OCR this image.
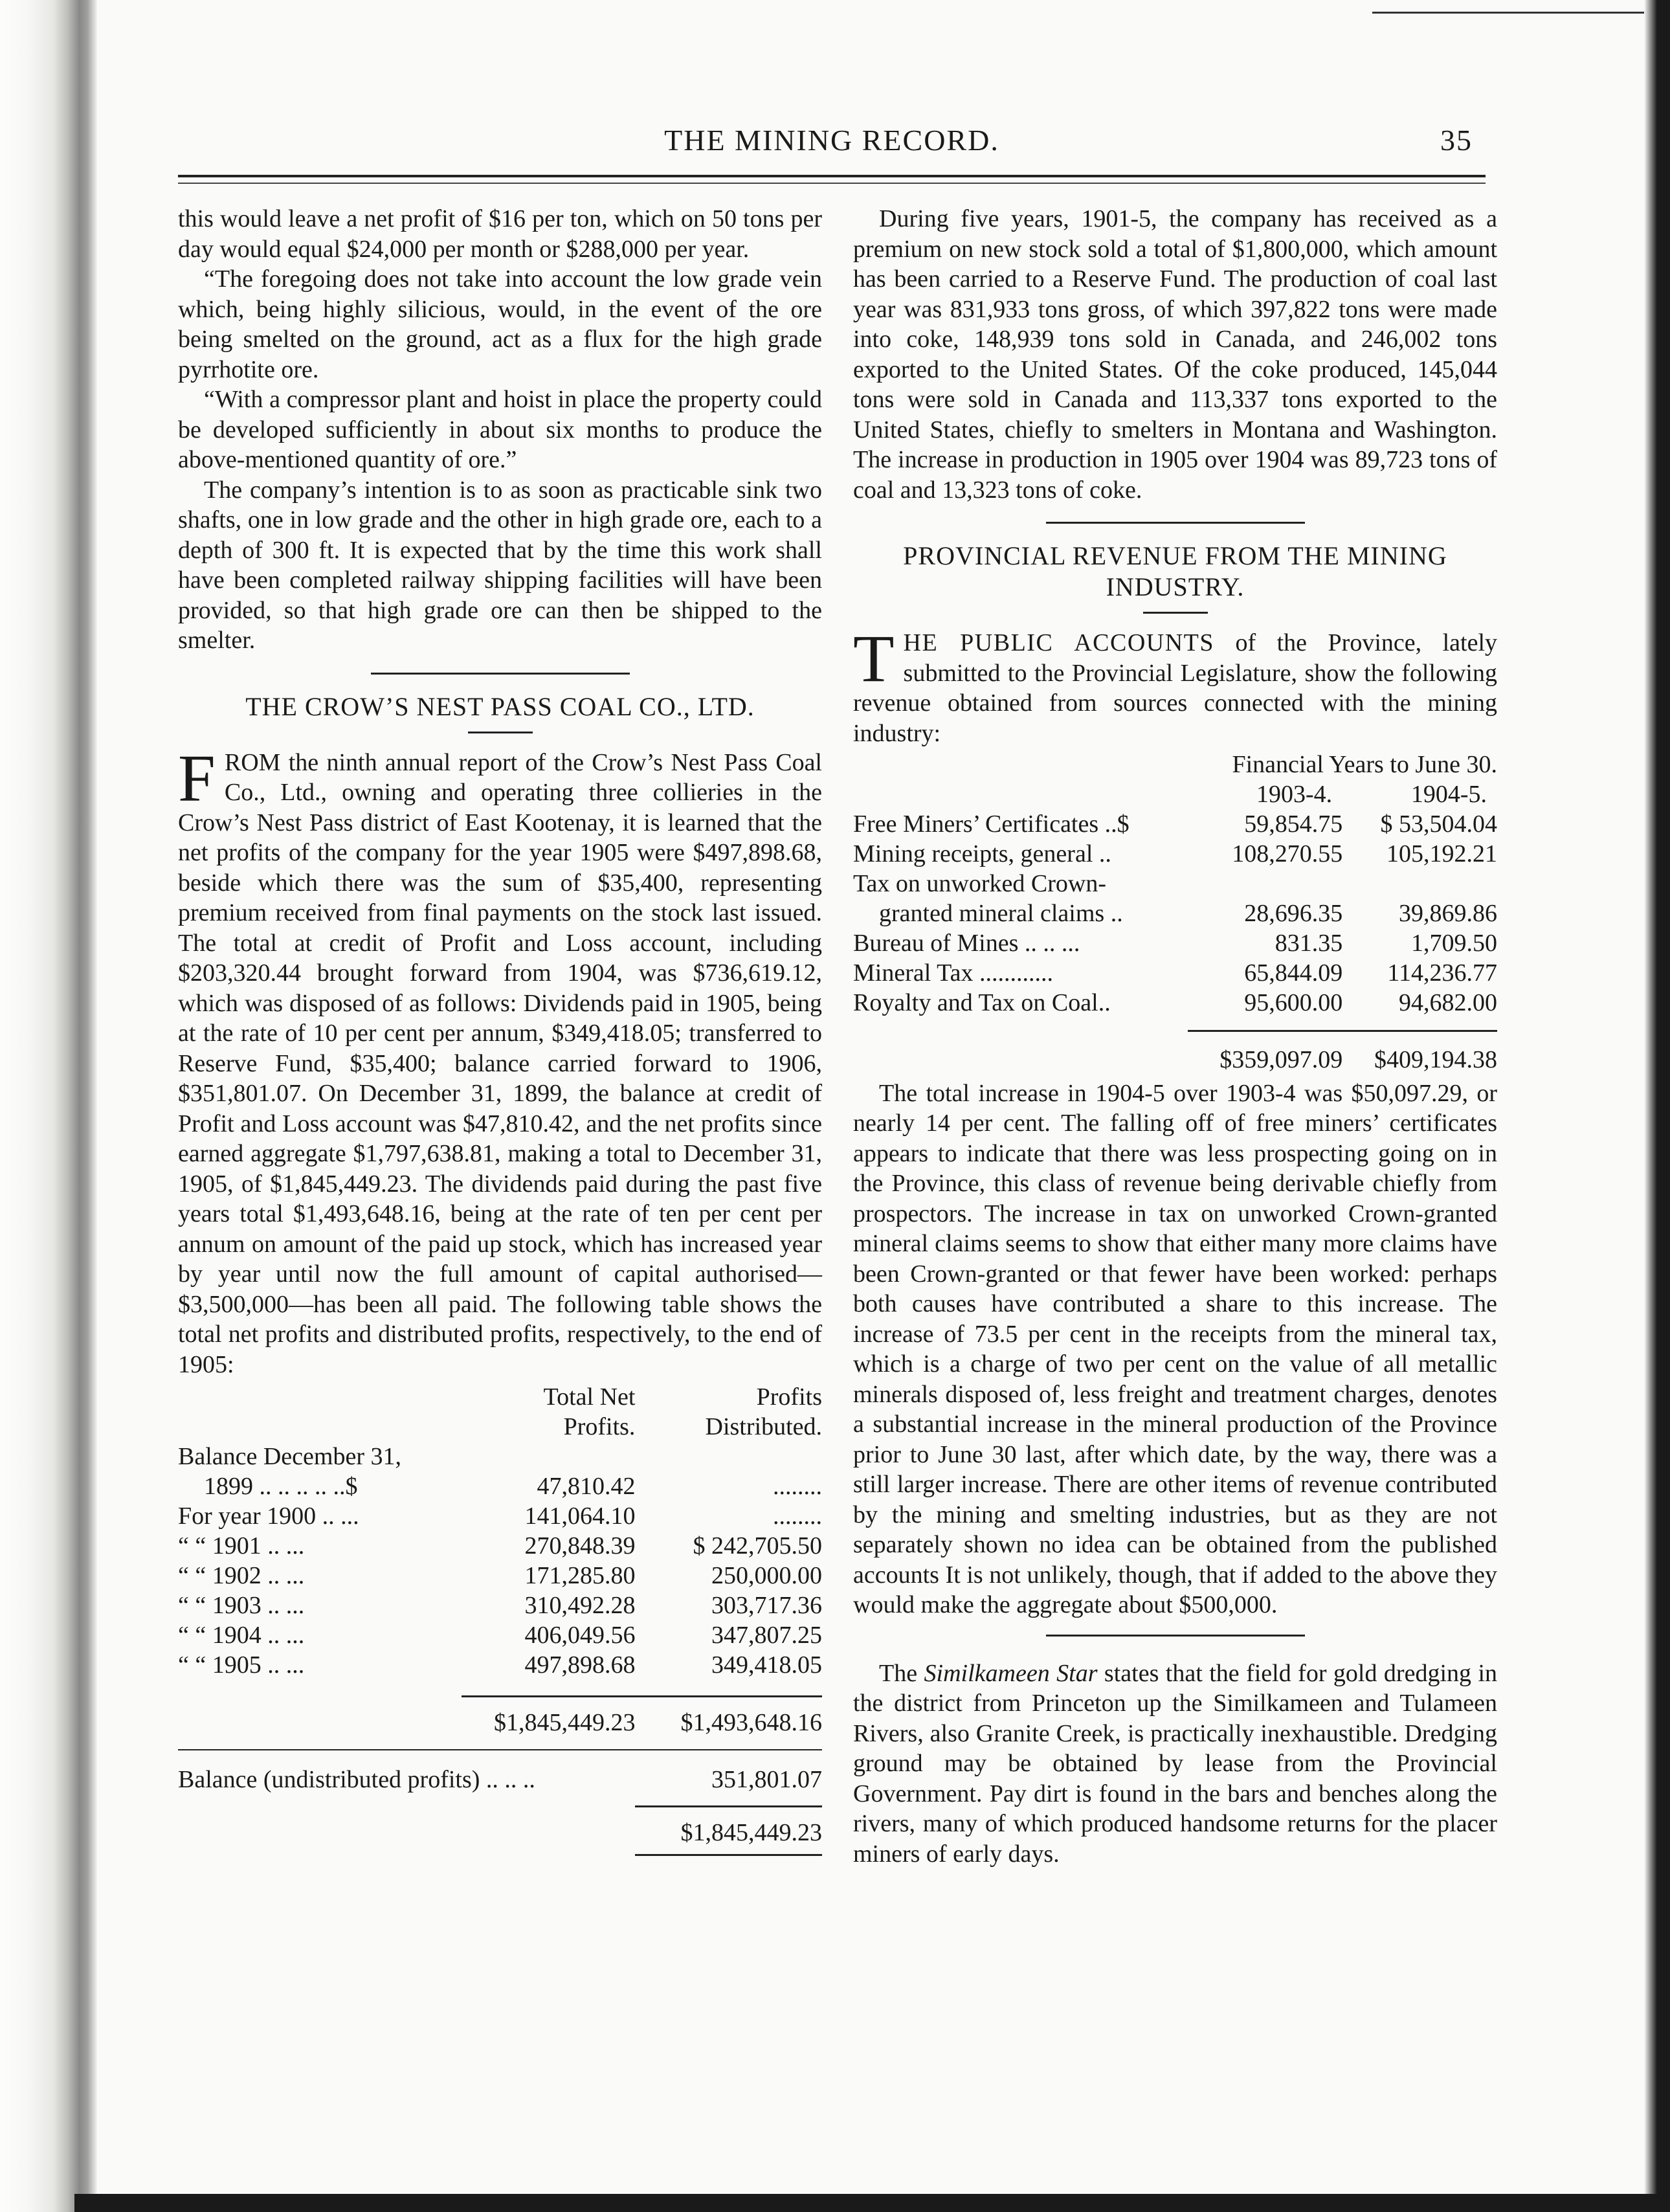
THE MINING RECORD.	35

this would leave a net profit of $16 per ton, which on 50 tons per day would equal $24,000 per month or $288,000 per year.

“The foregoing does not take into account the low grade vein which, being highly silicious, would, in the event of the ore being smelted on the ground, act as a flux for the high grade pyrrhotite ore.

“With a compressor plant and hoist in place the property could be developed sufficiently in about six months to produce the above-mentioned quantity of ore.”

The company’s intention is to as soon as practicable sink two shafts, one in low grade and the other in high grade ore, each to a depth of 300 ft. It is expected that by the time this work shall have been completed railway shipping facilities will have been provided, so that high grade ore can then be shipped to the smelter.

THE CROW’S NEST PASS COAL CO., LTD.

FROM the ninth annual report of the Crow’s Nest Pass Coal Co., Ltd., owning and operating three collieries in the Crow’s Nest Pass district of East Kootenay, it is learned that the net profits of the company for the year 1905 were $497,898.68, beside which there was the sum of $35,400, representing premium received from final payments on the stock last issued. The total at credit of Profit and Loss account, including $203,320.44 brought forward from 1904, was $736,619.12, which was disposed of as follows: Dividends paid in 1905, being at the rate of 10 per cent per annum, $349,418.05; transferred to Reserve Fund, $35,400; balance carried forward to 1906, $351,801.07. On December 31, 1899, the balance at credit of Profit and Loss account was $47,810.42, and the net profits since earned aggregate $1,797,638.81, making a total to December 31, 1905, of $1,845,449.23. The dividends paid during the past five years total $1,493,648.16, being at the rate of ten per cent per annum on amount of the paid up stock, which has increased year by year until now the full amount of capital authorised—$3,500,000—has been all paid. The following table shows the total net profits and distributed profits, respectively, to the end of 1905:

	Total Net	Profits
	Profits.	Distributed.
Balance December 31,		
1899 .. .. .. .. ..$	47,810.42	........
For year 1900 .. ...	141,064.10	........
“ “ 1901 .. ...	270,848.39	$ 242,705.50
“ “ 1902 .. ...	171,285.80	250,000.00
“ “ 1903 .. ...	310,492.28	303,717.36
“ “ 1904 .. ...	406,049.56	347,807.25
“ “ 1905 .. ...	497,898.68	349,418.05

	$1,845,449.23	$1,493,648.16

Balance (undistributed profits) .. .. ..		351,801.07

		$1,845,449.23

During five years, 1901-5, the company has received as a premium on new stock sold a total of $1,800,000, which amount has been carried to a Reserve Fund. The production of coal last year was 831,933 tons gross, of which 397,822 tons were made into coke, 148,939 tons sold in Canada, and 246,002 tons exported to the United States. Of the coke produced, 145,044 tons were sold in Canada and 113,337 tons exported to the United States, chiefly to smelters in Montana and Washington. The increase in production in 1905 over 1904 was 89,723 tons of coal and 13,323 tons of coke.

PROVINCIAL REVENUE FROM THE MINING
INDUSTRY.

THE PUBLIC ACCOUNTS of the Province, lately submitted to the Provincial Legislature, show the following revenue obtained from sources connected with the mining industry:

Financial Years to June 30.		
	1903-4.	1904-5.
Free Miners’ Certificates ..$	59,854.75	$ 53,504.04
Mining receipts, general ..	108,270.55	105,192.21
Tax on unworked Crown-		
granted mineral claims ..	28,696.35	39,869.86
Bureau of Mines .. .. ...	831.35	1,709.50
Mineral Tax ............	65,844.09	114,236.77
Royalty and Tax on Coal..	95,600.00	94,682.00

	$359,097.09	$409,194.38

The total increase in 1904-5 over 1903-4 was $50,097.29, or nearly 14 per cent. The falling off of free miners’ certificates appears to indicate that there was less prospecting going on in the Province, this class of revenue being derivable chiefly from prospectors. The increase in tax on unworked Crown-granted mineral claims seems to show that either many more claims have been Crown-granted or that fewer have been worked: perhaps both causes have contributed a share to this increase. The increase of 73.5 per cent in the receipts from the mineral tax, which is a charge of two per cent on the value of all metallic minerals disposed of, less freight and treatment charges, denotes a substantial increase in the mineral production of the Province prior to June 30 last, after which date, by the way, there was a still larger increase. There are other items of revenue contributed by the mining and smelting industries, but as they are not separately shown no idea can be obtained from the published accounts It is not unlikely, though, that if added to the above they would make the aggregate about $500,000.

The Similkameen Star states that the field for gold dredging in the district from Princeton up the Similkameen and Tulameen Rivers, also Granite Creek, is practically inexhaustible. Dredging ground may be obtained by lease from the Provincial Government. Pay dirt is found in the bars and benches along the rivers, many of which produced handsome returns for the placer miners of early days.
